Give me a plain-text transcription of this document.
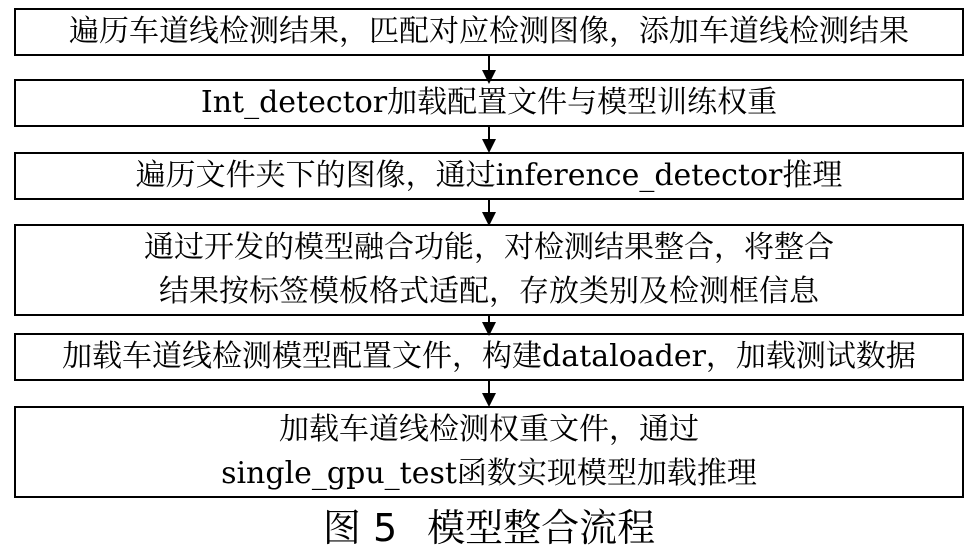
遍历车道线检测结果，匹配对应检测图像，添加车道线检测结果
Int_detector加载配置文件与模型训练权重
遍历文件夹下的图像，通过inference_detector推理
通过开发的模型融合功能，对检测结果整合，将整合
结果按标签模板格式适配，存放类别及检测框信息
加载车道线检测模型配置文件，构建dataloader，加载测试数据
加载车道线检测权重文件，通过
single_gpu_test函数实现模型加载推理
图 5 模型整合流程
